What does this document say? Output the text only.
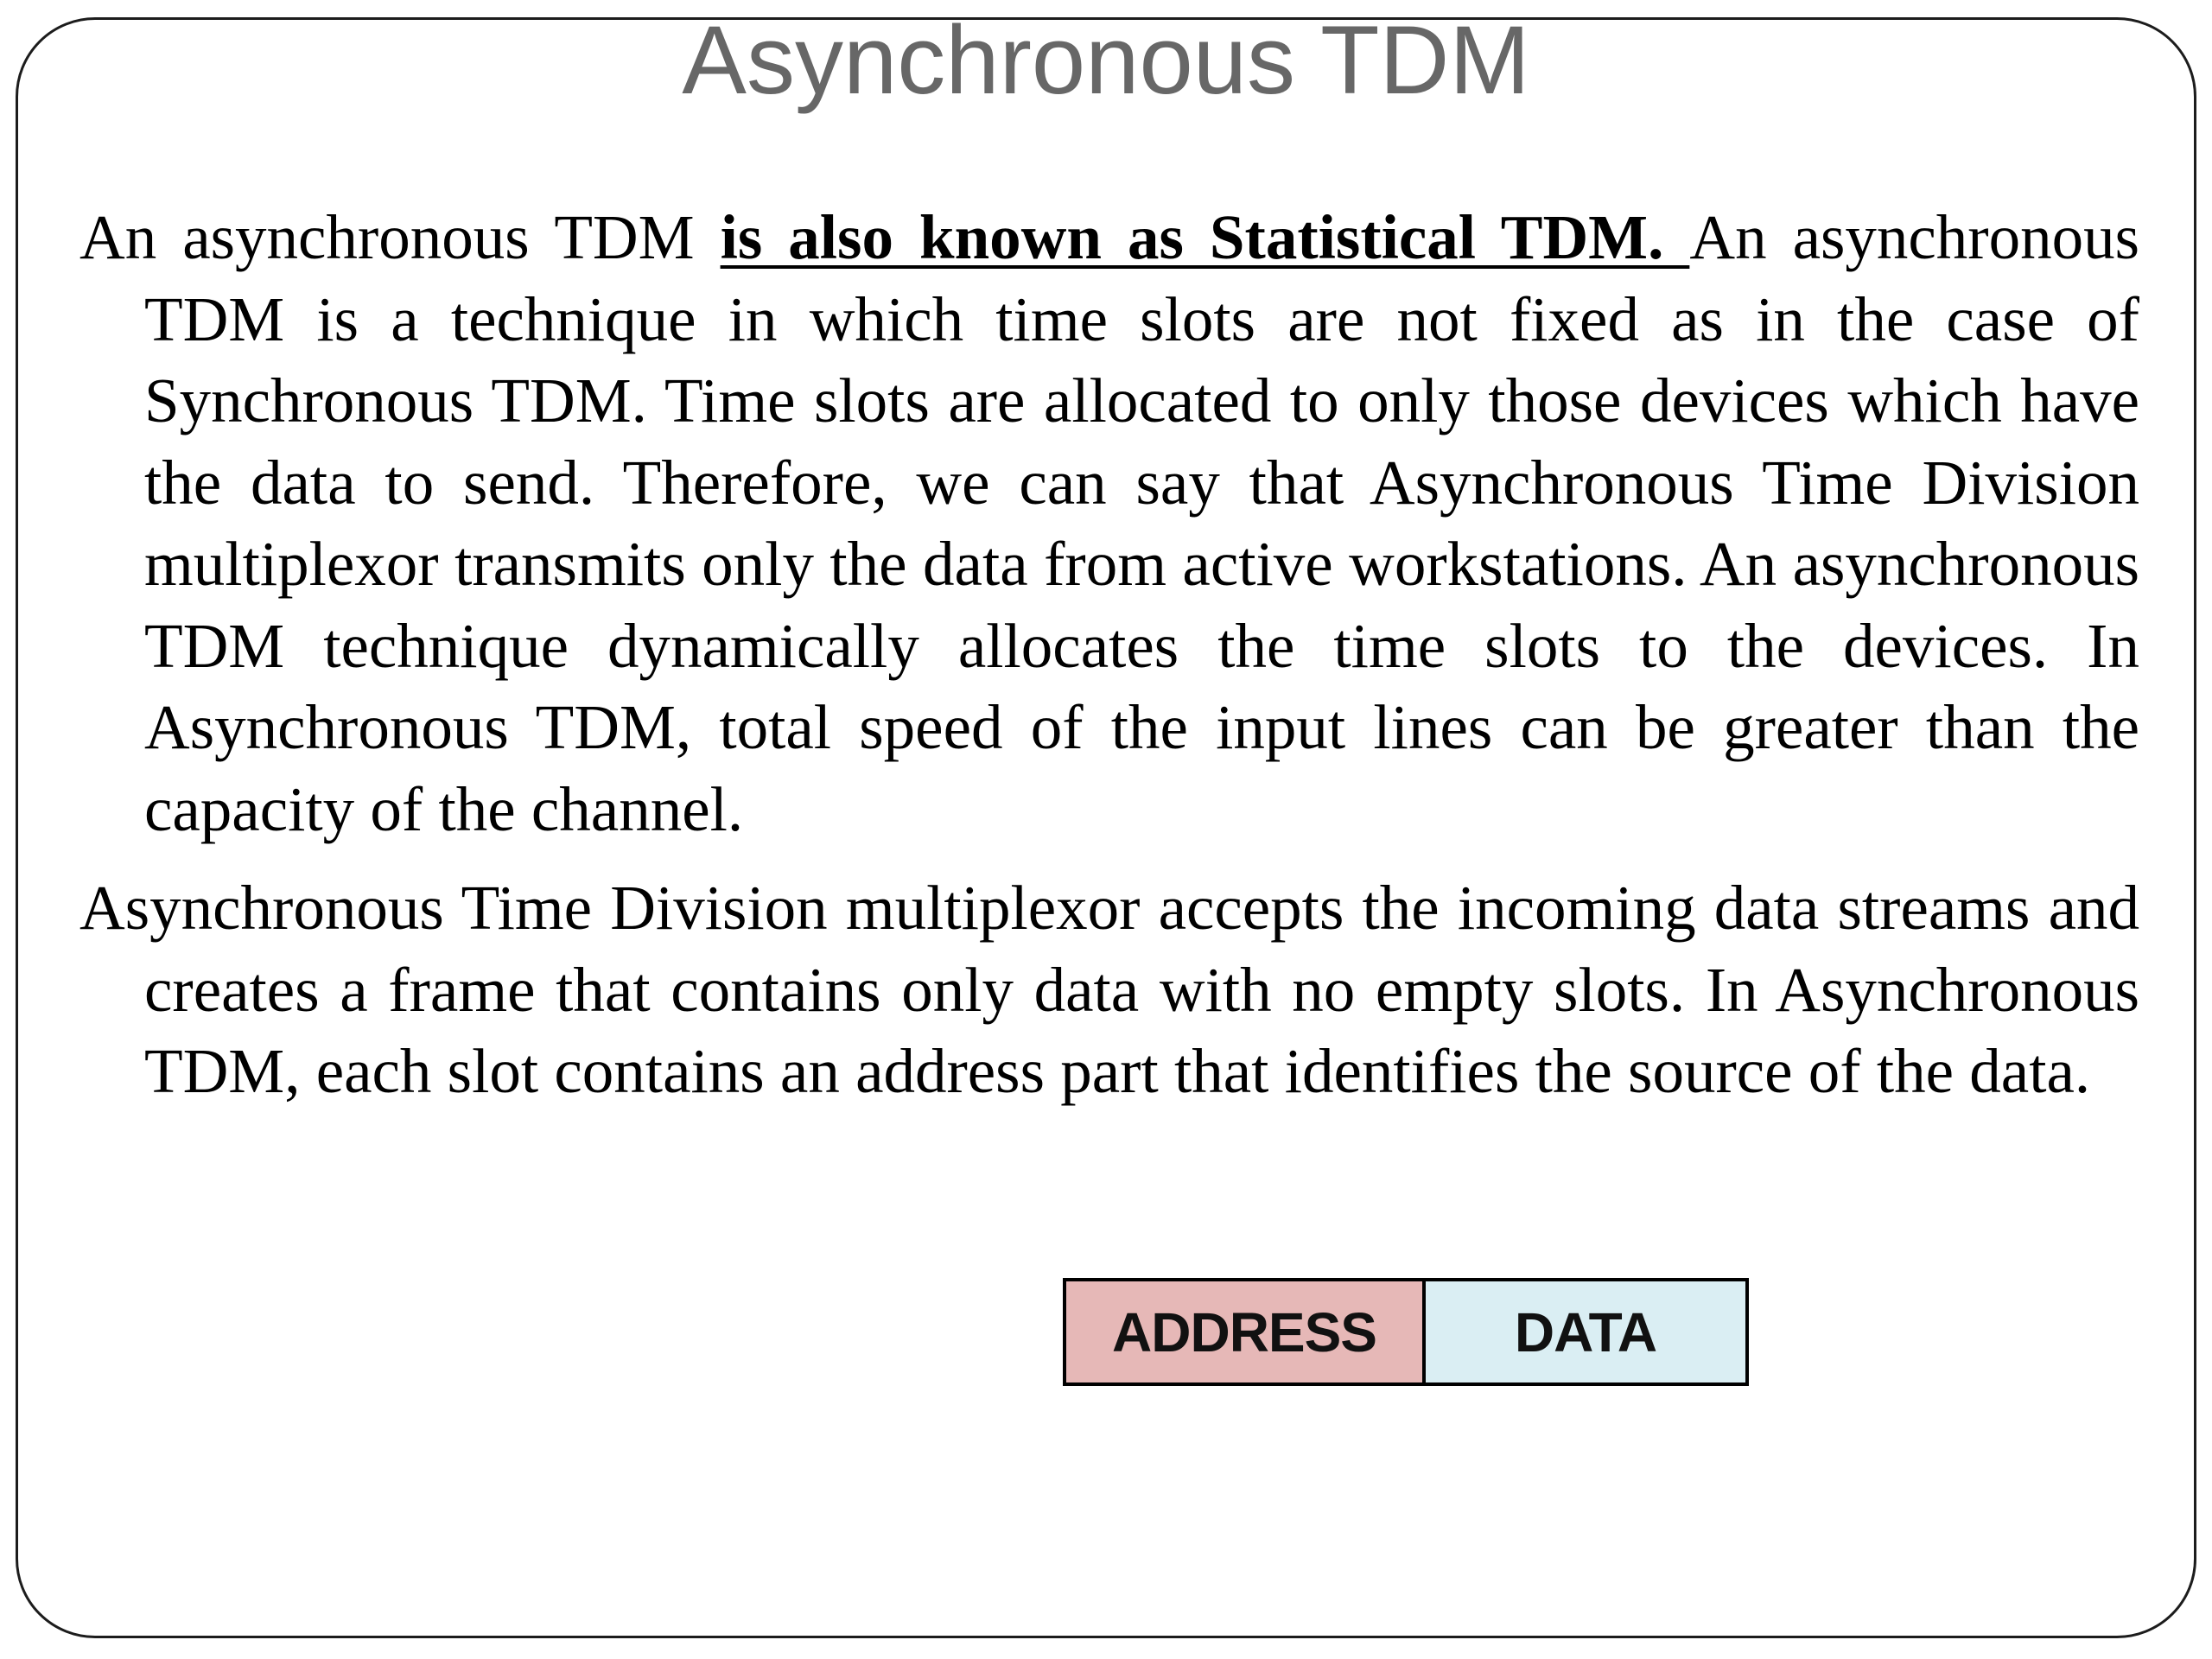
Asynchronous TDM

An asynchronous TDM is also known as Statistical TDM. An asynchronous TDM is a technique in which time slots are not fixed as in the case of Synchronous TDM. Time slots are allocated to only those devices which have the data to send. Therefore, we can say that Asynchronous Time Division multiplexor transmits only the data from active workstations. An asynchronous TDM technique dynamically allocates the time slots to the devices. In Asynchronous TDM, total speed of the input lines can be greater than the capacity of the channel.

Asynchronous Time Division multiplexor accepts the incoming data streams and creates a frame that contains only data with no empty slots. In Asynchronous TDM, each slot contains an address part that identifies the source of the data.

ADDRESS	DATA
